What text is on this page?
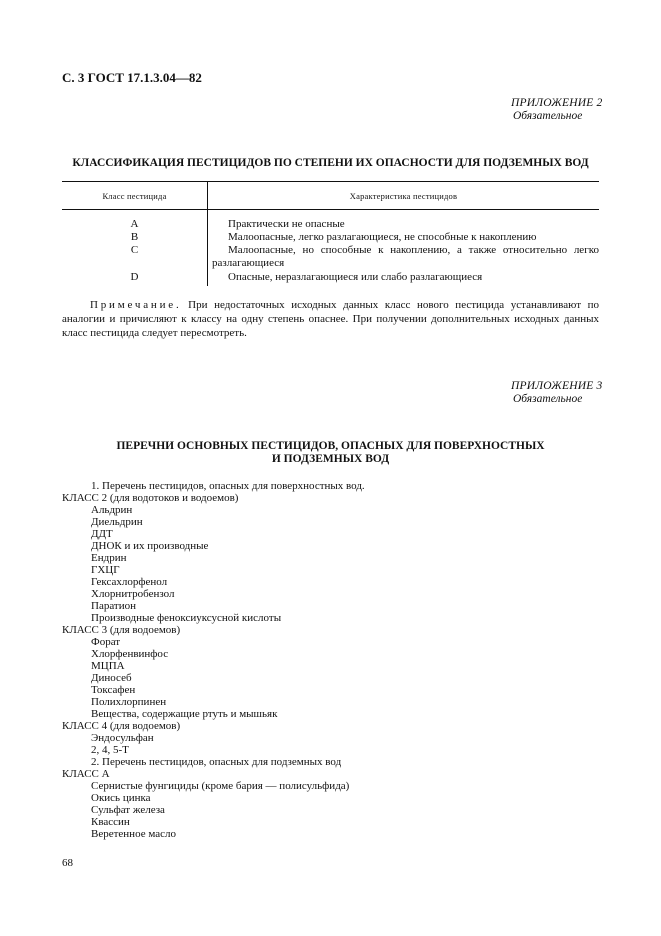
С. 3 ГОСТ 17.1.3.04—82
ПРИЛОЖЕНИЕ 2
Обязательное
КЛАССИФИКАЦИЯ ПЕСТИЦИДОВ ПО СТЕПЕНИ ИХ ОПАСНОСТИ ДЛЯ ПОДЗЕМНЫХ ВОД
Класс пестицида	Характеристика пестицидов
A	Практически не опасные
B	Малоопасные, легко разлагающиеся, не способные к накоплению
C	Малоопасные, но способные к накоплению, а также относительно легко
разлагающиеся
D	Опасные, неразлагающиеся или слабо разлагающиеся
Примечание. При недостаточных исходных данных класс нового пестицида устанавливают по аналогии и причисляют к классу на одну степень опаснее. При получении дополнительных исходных данных класс пестицида следует пересмотреть.
ПРИЛОЖЕНИЕ 3
Обязательное
ПЕРЕЧНИ ОСНОВНЫХ ПЕСТИЦИДОВ, ОПАСНЫХ ДЛЯ ПОВЕРХНОСТНЫХ
И ПОДЗЕМНЫХ ВОД
1. Перечень пестицидов, опасных для поверхностных вод.
КЛАСС 2 (для водотоков и водоемов)
Альдрин
Диельдрин
ДДТ
ДНОК и их производные
Ендрин
ГХЦГ
Гексахлорфенол
Хлорнитробензол
Паратион
Производные феноксиуксусной кислоты
КЛАСС 3 (для водоемов)
Форат
Хлорфенвинфос
МЦПА
Диносеб
Токсафен
Полихлорпинен
Вещества, содержащие ртуть и мышьяк
КЛАСС 4 (для водоемов)
Эндосульфан
2, 4, 5-Т
2. Перечень пестицидов, опасных для подземных вод
КЛАСС А
Сернистые фунгициды (кроме бария — полисульфида)
Окись цинка
Сульфат железа
Квассин
Веретенное масло
68
